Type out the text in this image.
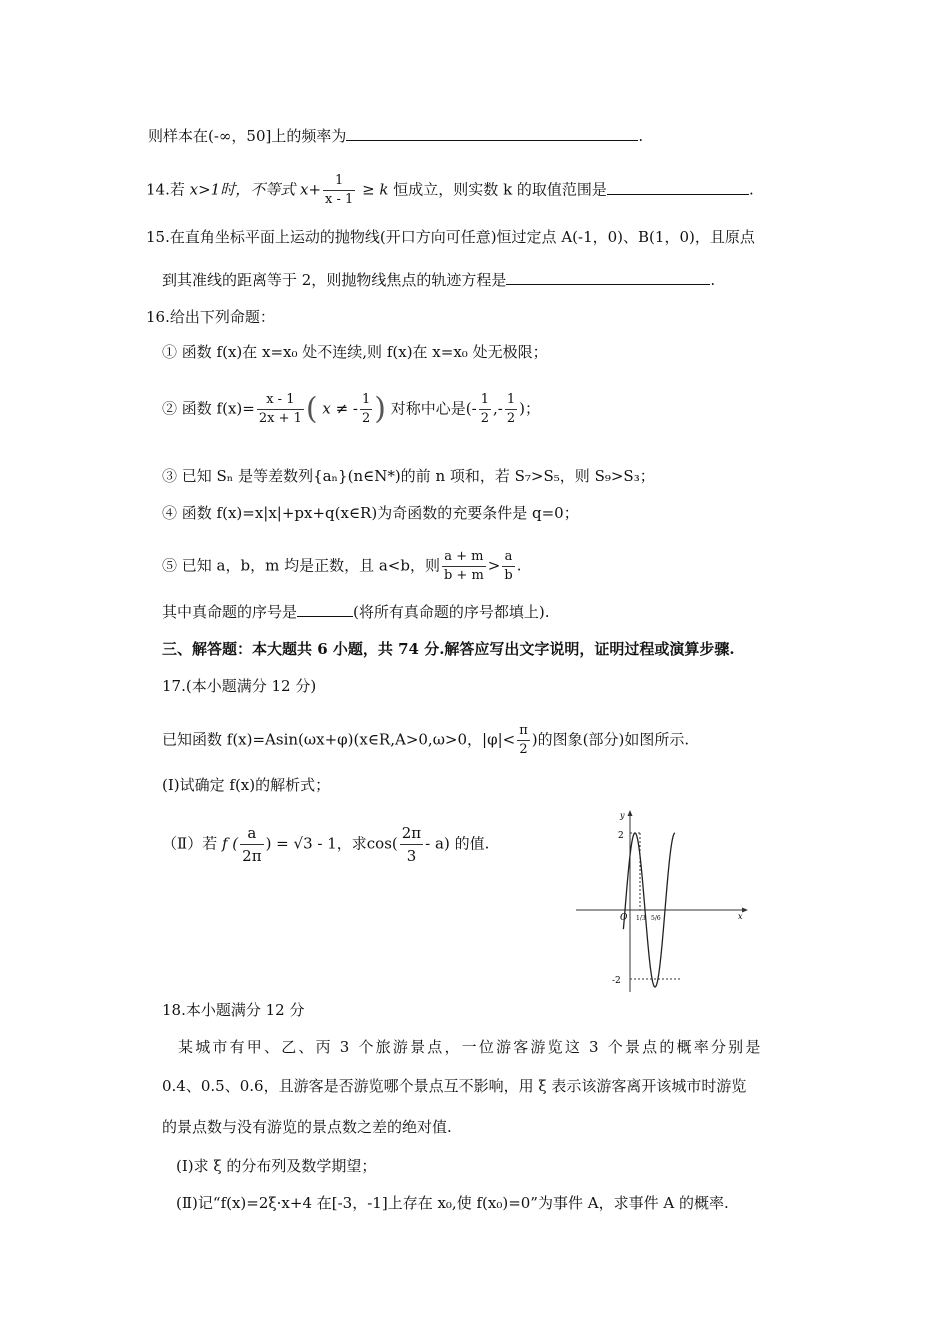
则样本在(-∞，50]上的频率为	.
14.若 x>1时，不等式 $x+ \frac{1}{x - 1} \ge k$ 恒成立，则实数 k 的取值范围是	.
15.在直角坐标平面上运动的抛物线(开口方向可任意)恒过定点 A(-1，0)、B(1，0)，且原点
到其准线的距离等于 2，则抛物线焦点的轨迹方程是	.
16.给出下列命题：
① 函数 f(x)在 x=x₀ 处不连续,则 f(x)在 x=x₀ 处无极限；
② 函数 $f(x)= \frac{x - 1}{2x + 1}$ ( x ≠ - $\frac{1}{2}$ ) 对称中心是(- $\frac{1}{2}$ ,- $\frac{1}{2}$ )；
③ 已知 Sₙ 是等差数列{aₙ}(n∈N*)的前 n 项和，若 S₇>S₅，则 S₉>S₃；
④ 函数 f(x)=x|x|+px+q(x∈R)为奇函数的充要条件是 q=0；
⑤ 已知 a，b，m 均是正数，且 a<b，则 $\frac{a + m}{b + m} > \frac{a}{b}$ .
其中真命题的序号是	(将所有真命题的序号都填上).
三、解答题：本大题共 6 小题，共 74 分.解答应写出文字说明，证明过程或演算步骤.
17.(本小题满分 12 分)
已知函数 f(x)=Asin(ωx+φ)(x∈R,A>0,ω>0，$|\varphi|< \frac{\pi}{2}$ )的图象(部分)如图所示.
(Ⅰ)试确定 f(x)的解析式；
（Ⅱ）若 f ( $\frac{a}{2\pi}$ ) = √3 - 1，求$\cos( \frac{2\pi}{3} - a)$ 的值.
y
x
O
2
-2
1/3 5/6
18.本小题满分 12 分
某城市有甲、乙、丙 3 个旅游景点，一位游客游览这 3 个景点的概率分别是
0.4、0.5、0.6，且游客是否游览哪个景点互不影响，用 ξ 表示该游客离开该城市时游览
的景点数与没有游览的景点数之差的绝对值.
(Ⅰ)求 ξ 的分布列及数学期望；
(Ⅱ)记“f(x)=2ξ·x+4 在[-3，-1]上存在 x₀,使 f(x₀)=0”为事件 A，求事件 A 的概率.
